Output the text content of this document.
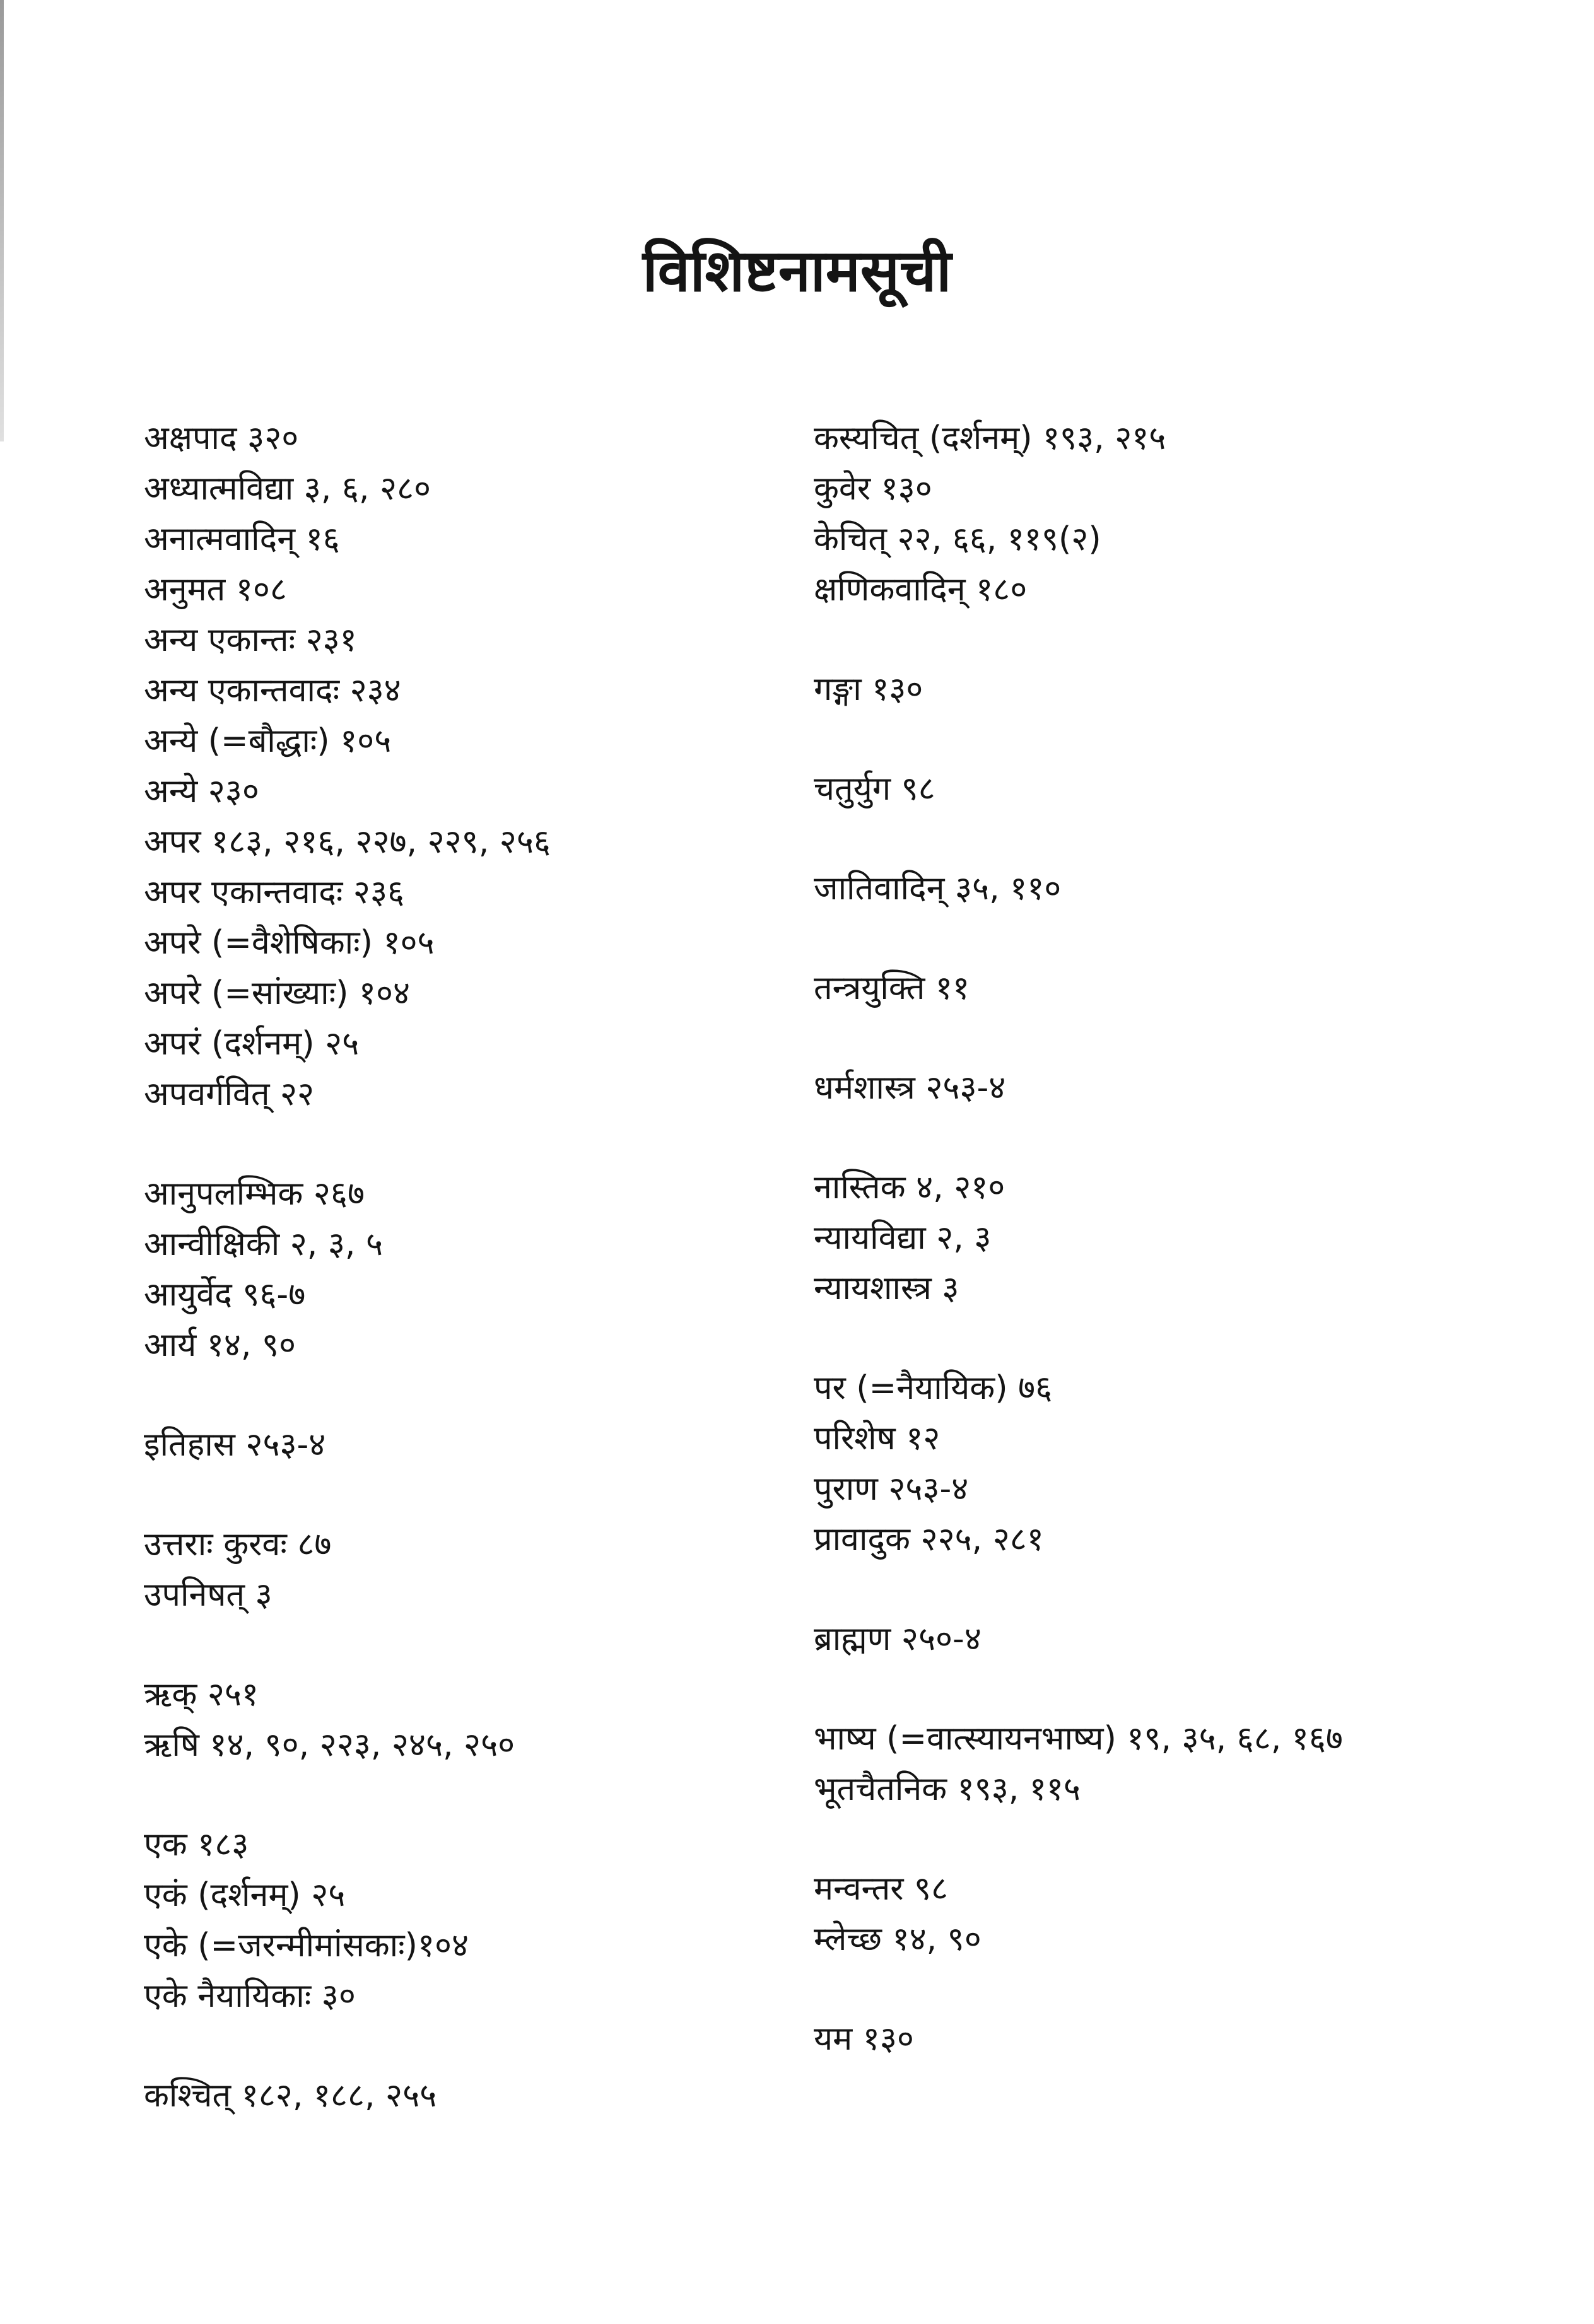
विशिष्टनामसूची
अक्षपाद ३२०
अध्यात्मविद्या ३, ६, २८०
अनात्मवादिन् १६
अनुमत १०८
अन्य एकान्तः २३१
अन्य एकान्तवादः २३४
अन्ये (=बौद्धाः) १०५
अन्ये २३०
अपर १८३, २१६, २२७, २२९, २५६
अपर एकान्तवादः २३६
अपरे (=वैशेषिकाः) १०५
अपरे (=सांख्याः) १०४
अपरं (दर्शनम्) २५
अपवर्गवित् २२
आनुपलम्भिक २६७
आन्वीक्षिकी २, ३, ५
आयुर्वेद ९६-७
आर्य १४, ९०
इतिहास २५३-४
उत्तराः कुरवः ८७
उपनिषत् ३
ऋक् २५१
ऋषि १४, ९०, २२३, २४५, २५०
एक १८३
एकं (दर्शनम्) २५
एके (=जरन्मीमांसकाः)१०४
एके नैयायिकाः ३०
कश्चित् १८२, १८८, २५५
कस्यचित् (दर्शनम्) १९३, २१५
कुवेर १३०
केचित् २२, ६६, ११९(२)
क्षणिकवादिन् १८०
गङ्गा १३०
चतुर्युग ९८
जातिवादिन् ३५, ११०
तन्त्रयुक्ति ११
धर्मशास्त्र २५३-४
नास्तिक ४, २१०
न्यायविद्या २, ३
न्यायशास्त्र ३
पर (=नैयायिक) ७६
परिशेष १२
पुराण २५३-४
प्रावादुक २२५, २८१
ब्राह्मण २५०-४
भाष्य (=वात्स्यायनभाष्य) १९, ३५, ६८, १६७
भूतचैतनिक १९३, ११५
मन्वन्तर ९८
म्लेच्छ १४, ९०
यम १३०
